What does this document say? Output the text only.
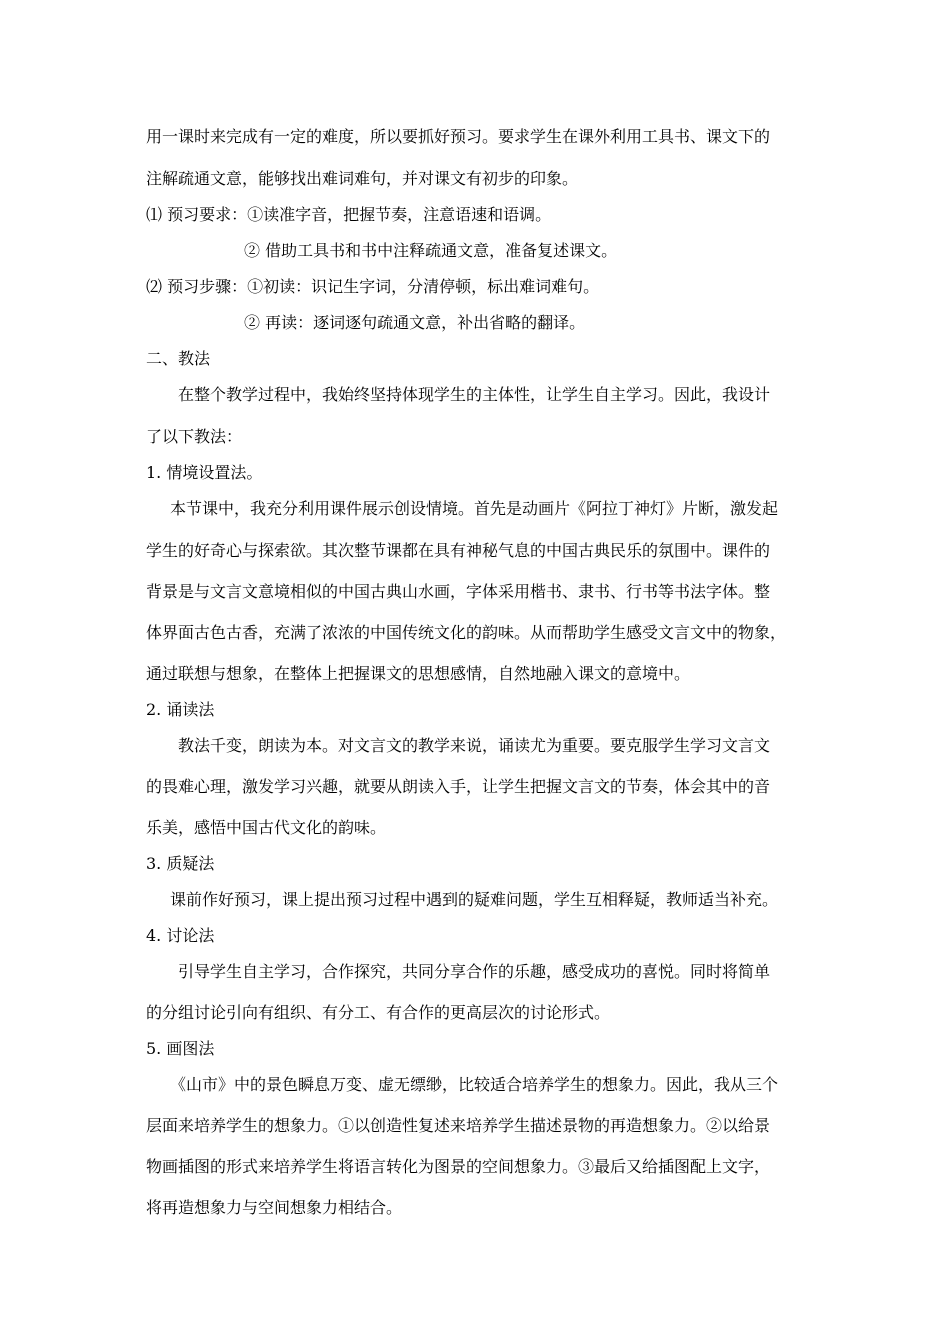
用一课时来完成有一定的难度，所以要抓好预习。要求学生在课外利用工具书、课文下的
注解疏通文意，能够找出难词难句，并对课文有初步的印象。
⑴ 预习要求：①读准字音，把握节奏，注意语速和语调。
② 借助工具书和书中注释疏通文意，准备复述课文。
⑵ 预习步骤：①初读：识记生字词，分清停顿，标出难词难句。
② 再读：逐词逐句疏通文意，补出省略的翻译。
二、教法
在整个教学过程中，我始终坚持体现学生的主体性，让学生自主学习。因此，我设计
了以下教法：
1. 情境设置法。
本节课中，我充分利用课件展示创设情境。首先是动画片《阿拉丁神灯》片断，激发起
学生的好奇心与探索欲。其次整节课都在具有神秘气息的中国古典民乐的氛围中。课件的
背景是与文言文意境相似的中国古典山水画，字体采用楷书、隶书、行书等书法字体。整
体界面古色古香，充满了浓浓的中国传统文化的韵味。从而帮助学生感受文言文中的物象，
通过联想与想象，在整体上把握课文的思想感情，自然地融入课文的意境中。
2. 诵读法
教法千变，朗读为本。对文言文的教学来说，诵读尤为重要。要克服学生学习文言文
的畏难心理，激发学习兴趣，就要从朗读入手，让学生把握文言文的节奏，体会其中的音
乐美，感悟中国古代文化的韵味。
3. 质疑法
课前作好预习，课上提出预习过程中遇到的疑难问题，学生互相释疑，教师适当补充。
4. 讨论法
引导学生自主学习，合作探究，共同分享合作的乐趣，感受成功的喜悦。同时将简单
的分组讨论引向有组织、有分工、有合作的更高层次的讨论形式。
5. 画图法
《山市》中的景色瞬息万变、虚无缥缈，比较适合培养学生的想象力。因此，我从三个
层面来培养学生的想象力。①以创造性复述来培养学生描述景物的再造想象力。②以给景
物画插图的形式来培养学生将语言转化为图景的空间想象力。③最后又给插图配上文字，
将再造想象力与空间想象力相结合。
